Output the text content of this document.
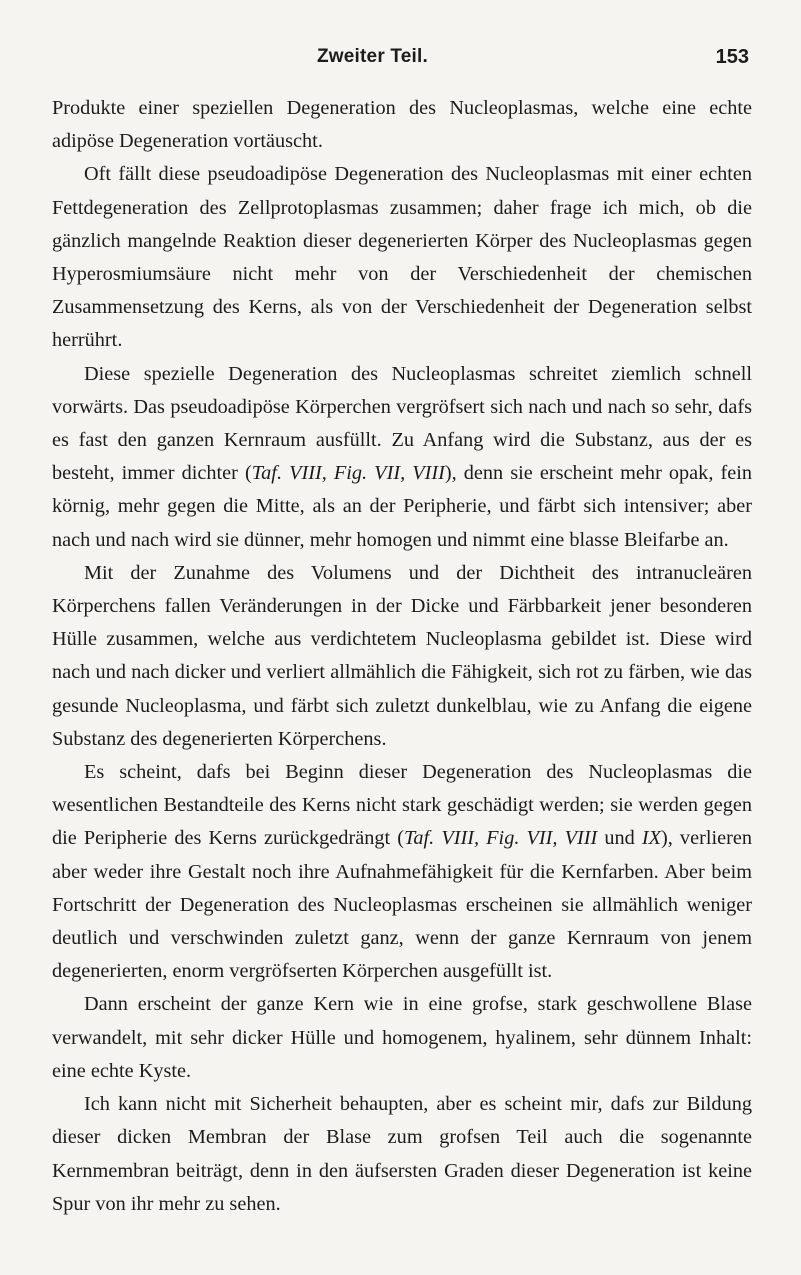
Zweiter Teil.	153

Produkte einer speziellen Degeneration des Nucleoplasmas, welche eine echte adipöse Degeneration vortäuscht.

Oft fällt diese pseudoadipöse Degeneration des Nucleoplasmas mit einer echten Fettdegeneration des Zellprotoplasmas zusammen; daher frage ich mich, ob die gänzlich mangelnde Reaktion dieser degenerierten Körper des Nucleoplasmas gegen Hyperosmiumsäure nicht mehr von der Verschiedenheit der chemischen Zusammensetzung des Kerns, als von der Verschiedenheit der Degeneration selbst herrührt.

Diese spezielle Degeneration des Nucleoplasmas schreitet ziemlich schnell vorwärts. Das pseudoadipöse Körperchen vergröfsert sich nach und nach so sehr, dafs es fast den ganzen Kernraum ausfüllt. Zu Anfang wird die Substanz, aus der es besteht, immer dichter (Taf. VIII, Fig. VII, VIII), denn sie erscheint mehr opak, fein körnig, mehr gegen die Mitte, als an der Peripherie, und färbt sich intensiver; aber nach und nach wird sie dünner, mehr homogen und nimmt eine blasse Bleifarbe an.

Mit der Zunahme des Volumens und der Dichtheit des intranucleären Körperchens fallen Veränderungen in der Dicke und Färbbarkeit jener besonderen Hülle zusammen, welche aus verdichtetem Nucleoplasma gebildet ist. Diese wird nach und nach dicker und verliert allmählich die Fähigkeit, sich rot zu färben, wie das gesunde Nucleoplasma, und färbt sich zuletzt dunkelblau, wie zu Anfang die eigene Substanz des degenerierten Körperchens.

Es scheint, dafs bei Beginn dieser Degeneration des Nucleoplasmas die wesentlichen Bestandteile des Kerns nicht stark geschädigt werden; sie werden gegen die Peripherie des Kerns zurückgedrängt (Taf. VIII, Fig. VII, VIII und IX), verlieren aber weder ihre Gestalt noch ihre Aufnahmefähigkeit für die Kernfarben. Aber beim Fortschritt der Degeneration des Nucleoplasmas erscheinen sie allmählich weniger deutlich und verschwinden zuletzt ganz, wenn der ganze Kernraum von jenem degenerierten, enorm vergröfserten Körperchen ausgefüllt ist.

Dann erscheint der ganze Kern wie in eine grofse, stark geschwollene Blase verwandelt, mit sehr dicker Hülle und homogenem, hyalinem, sehr dünnem Inhalt: eine echte Kyste.

Ich kann nicht mit Sicherheit behaupten, aber es scheint mir, dafs zur Bildung dieser dicken Membran der Blase zum grofsen Teil auch die sogenannte Kernmembran beiträgt, denn in den äufsersten Graden dieser Degeneration ist keine Spur von ihr mehr zu sehen.
